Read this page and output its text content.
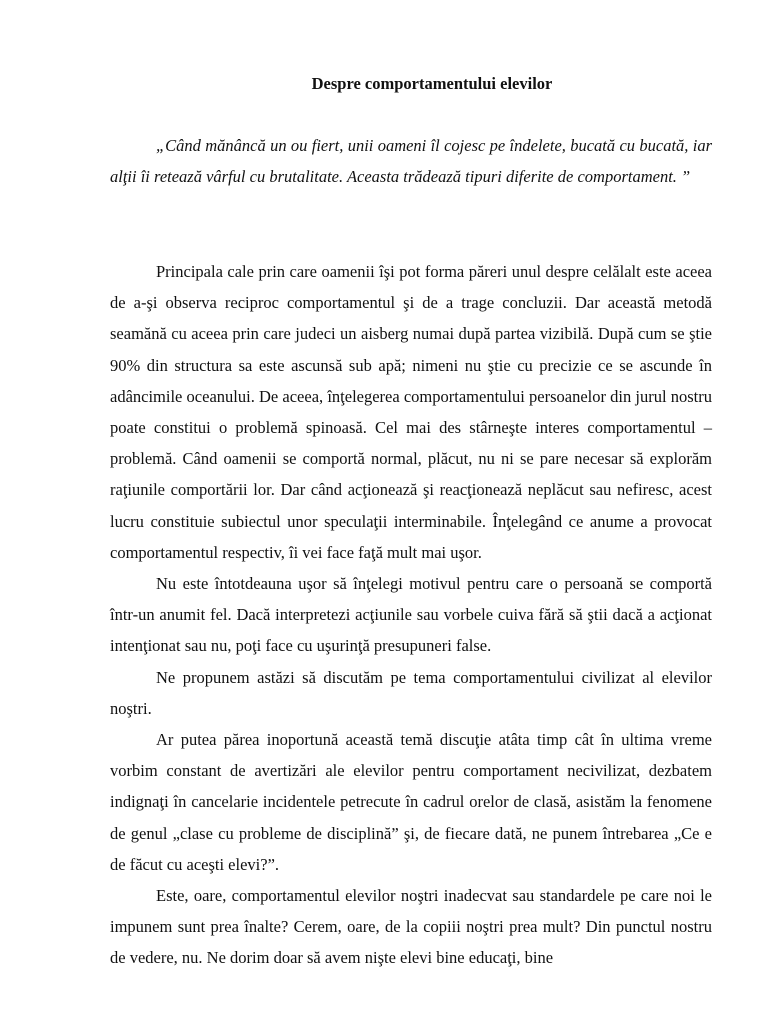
Despre comportamentului elevilor

„Când mănâncă un ou fiert, unii oameni îl cojesc pe îndelete, bucată cu bucată, iar alţii îi retează vârful cu brutalitate. Aceasta trădează tipuri diferite de comportament. ”

Principala cale prin care oamenii îşi pot forma păreri unul despre celălalt este aceea de a-şi observa reciproc comportamentul şi de a trage concluzii. Dar această metodă seamănă cu aceea prin care judeci un aisberg numai după partea vizibilă. După cum se ştie 90% din structura sa este ascunsă sub apă; nimeni nu ştie cu precizie ce se ascunde în adâncimile oceanului. De aceea, înţelegerea comportamentului persoanelor din jurul nostru poate constitui o problemă spinoasă. Cel mai des stârneşte interes comportamentul – problemă. Când oamenii se comportă normal, plăcut, nu ni se pare necesar să explorăm raţiunile comportării lor. Dar când acţionează şi reacţionează neplăcut sau nefiresc, acest lucru constituie subiectul unor speculaţii interminabile. Înţelegând ce anume a provocat comportamentul respectiv, îi vei face faţă mult mai uşor.

Nu este întotdeauna uşor să înţelegi motivul pentru care o persoană se comportă într-un anumit fel. Dacă interpretezi acţiunile sau vorbele cuiva fără să ştii dacă a acţionat intenţionat sau nu, poţi face cu uşurinţă presupuneri false.

Ne propunem astăzi să discutăm pe tema comportamentului civilizat al elevilor noştri.

Ar putea părea inoportună această temă discuţie atâta timp cât în ultima vreme vorbim constant de avertizări ale elevilor pentru comportament necivilizat, dezbatem indignaţi în cancelarie incidentele petrecute în cadrul orelor de clasă, asistăm la fenomene de genul „clase cu probleme de disciplină” şi, de fiecare dată, ne punem întrebarea „Ce e de făcut cu aceşti elevi?”.

Este, oare, comportamentul elevilor noştri inadecvat sau standardele pe care noi le impunem sunt prea înalte? Cerem, oare, de la copiii noştri prea mult? Din punctul nostru de vedere, nu. Ne dorim doar să avem nişte elevi bine educaţi, bine
